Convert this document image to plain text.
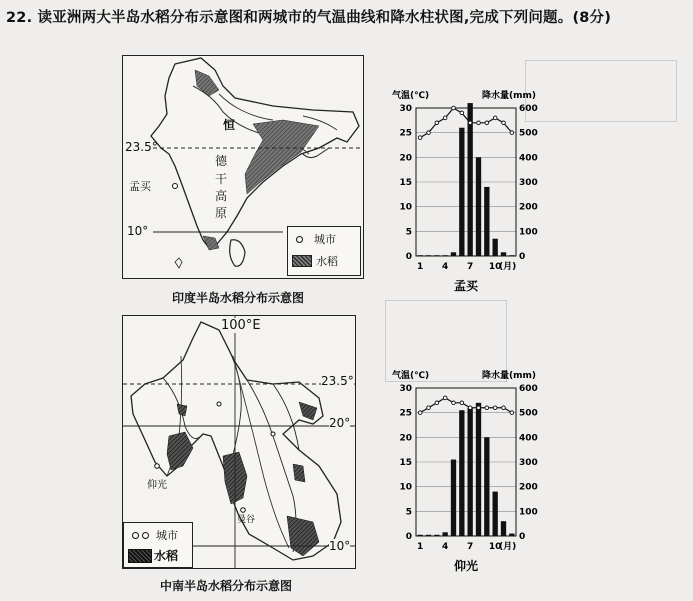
22. 读亚洲两大半岛水稻分布示意图和两城市的气温曲线和降水柱状图,完成下列问题。(8分)
23.5°
10°
恒
德
干
高
原
孟买
城市
水稻
印度半岛水稻分布示意图
100°E
23.5°
20°
10°
仰光
曼谷
城市
水稻
中南半岛水稻分布示意图
气温(℃)	降水量(mm)
30
25
20
15
10
5
0
600
500
400
300
200
100
0
1 4 7 10
(月)
孟买
气温(℃)	降水量(mm)
30
25
20
15
10
5
0
600
500
400
300
200
100
0
1 4 7 10
(月)
仰光
